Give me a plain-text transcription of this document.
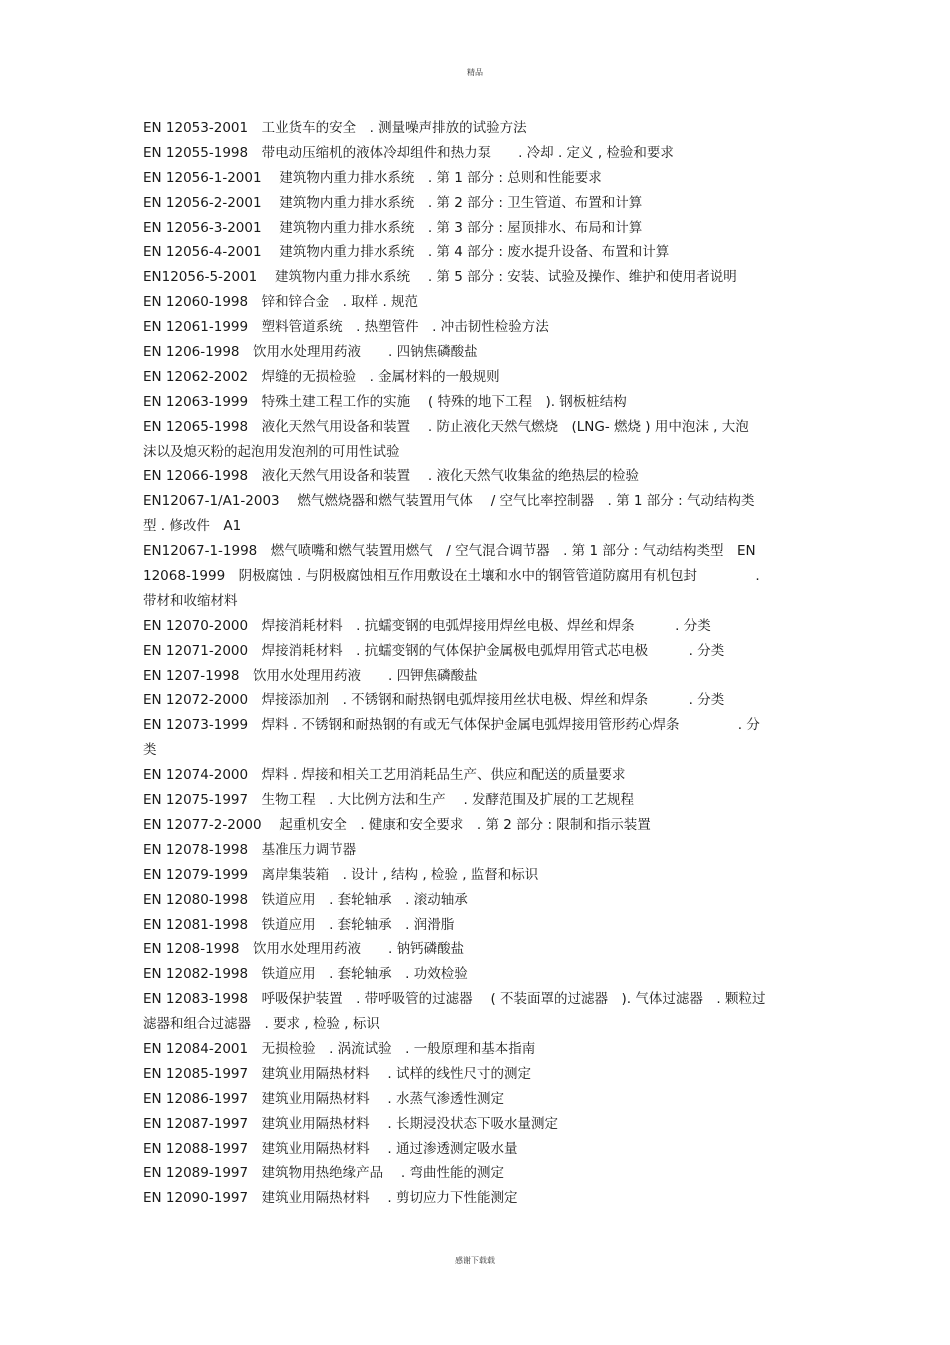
精品
EN 12053-2001　工业货车的安全　. 测量噪声排放的试验方法
EN 12055-1998　带电动压缩机的液体冷却组件和热力泵　　. 冷却 . 定义 , 检验和要求
EN 12056-1-2001　 建筑物内重力排水系统　. 第 1 部分 : 总则和性能要求
EN 12056-2-2001　 建筑物内重力排水系统　. 第 2 部分 : 卫生管道、布置和计算
EN 12056-3-2001　 建筑物内重力排水系统　. 第 3 部分 : 屋顶排水、布局和计算
EN 12056-4-2001　 建筑物内重力排水系统　. 第 4 部分 : 废水提升设备、布置和计算
EN12056-5-2001　 建筑物内重力排水系统　 . 第 5 部分 : 安装、试验及操作、维护和使用者说明
EN 12060-1998　锌和锌合金　. 取样 . 规范
EN 12061-1999　塑料管道系统　. 热塑管件　. 冲击韧性检验方法
EN 1206-1998　饮用水处理用药液　　. 四钠焦磷酸盐
EN 12062-2002　焊缝的无损检验　. 金属材料的一般规则
EN 12063-1999　特殊土建工程工作的实施　 ( 特殊的地下工程　). 钢板桩结构
EN 12065-1998　液化天然气用设备和装置　 . 防止液化天然气燃烧　(LNG- 燃烧 ) 用中泡沫 , 大泡
沫以及熄灭粉的起泡用发泡剂的可用性试验
EN 12066-1998　液化天然气用设备和装置　 . 液化天然气收集盆的绝热层的检验
EN12067-1/A1-2003　 燃气燃烧器和燃气装置用气体　 / 空气比率控制器　. 第 1 部分 : 气动结构类
型 . 修改件　A1
EN12067-1-1998　燃气喷嘴和燃气装置用燃气　/ 空气混合调节器　. 第 1 部分 : 气动结构类型　EN
12068-1999　阴极腐蚀 . 与阴极腐蚀相互作用敷设在土壤和水中的钢管管道防腐用有机包封　　　　 .
带材和收缩材料
EN 12070-2000　焊接消耗材料　. 抗蠕变钢的电弧焊接用焊丝电极、焊丝和焊条　　　. 分类
EN 12071-2000　焊接消耗材料　. 抗蠕变钢的气体保护金属极电弧焊用管式芯电极　　　. 分类
EN 1207-1998　饮用水处理用药液　　. 四钾焦磷酸盐
EN 12072-2000　焊接添加剂　. 不锈钢和耐热钢电弧焊接用丝状电极、焊丝和焊条　　　. 分类
EN 12073-1999　焊料 . 不锈钢和耐热钢的有或无气体保护金属电弧焊接用管形药心焊条　　　　 . 分
类
EN 12074-2000　焊料 . 焊接和相关工艺用消耗品生产、供应和配送的质量要求
EN 12075-1997　生物工程　. 大比例方法和生产　 . 发酵范围及扩展的工艺规程
EN 12077-2-2000　 起重机安全　. 健康和安全要求　. 第 2 部分 : 限制和指示装置
EN 12078-1998　基准压力调节器
EN 12079-1999　离岸集装箱　. 设计 , 结构 , 检验 , 监督和标识
EN 12080-1998　铁道应用　. 套轮轴承　. 滚动轴承
EN 12081-1998　铁道应用　. 套轮轴承　. 润滑脂
EN 1208-1998　饮用水处理用药液　　. 钠钙磷酸盐
EN 12082-1998　铁道应用　. 套轮轴承　. 功效检验
EN 12083-1998　呼吸保护装置　. 带呼吸管的过滤器　 ( 不装面罩的过滤器　). 气体过滤器　. 颗粒过
滤器和组合过滤器　. 要求 , 检验 , 标识
EN 12084-2001　无损检验　. 涡流试验　. 一般原理和基本指南
EN 12085-1997　建筑业用隔热材料　 . 试样的线性尺寸的测定
EN 12086-1997　建筑业用隔热材料　 . 水蒸气渗透性测定
EN 12087-1997　建筑业用隔热材料　 . 长期浸没状态下吸水量测定
EN 12088-1997　建筑业用隔热材料　 . 通过渗透测定吸水量
EN 12089-1997　建筑物用热绝缘产品　 . 弯曲性能的测定
EN 12090-1997　建筑业用隔热材料　 . 剪切应力下性能测定
感谢下载载
